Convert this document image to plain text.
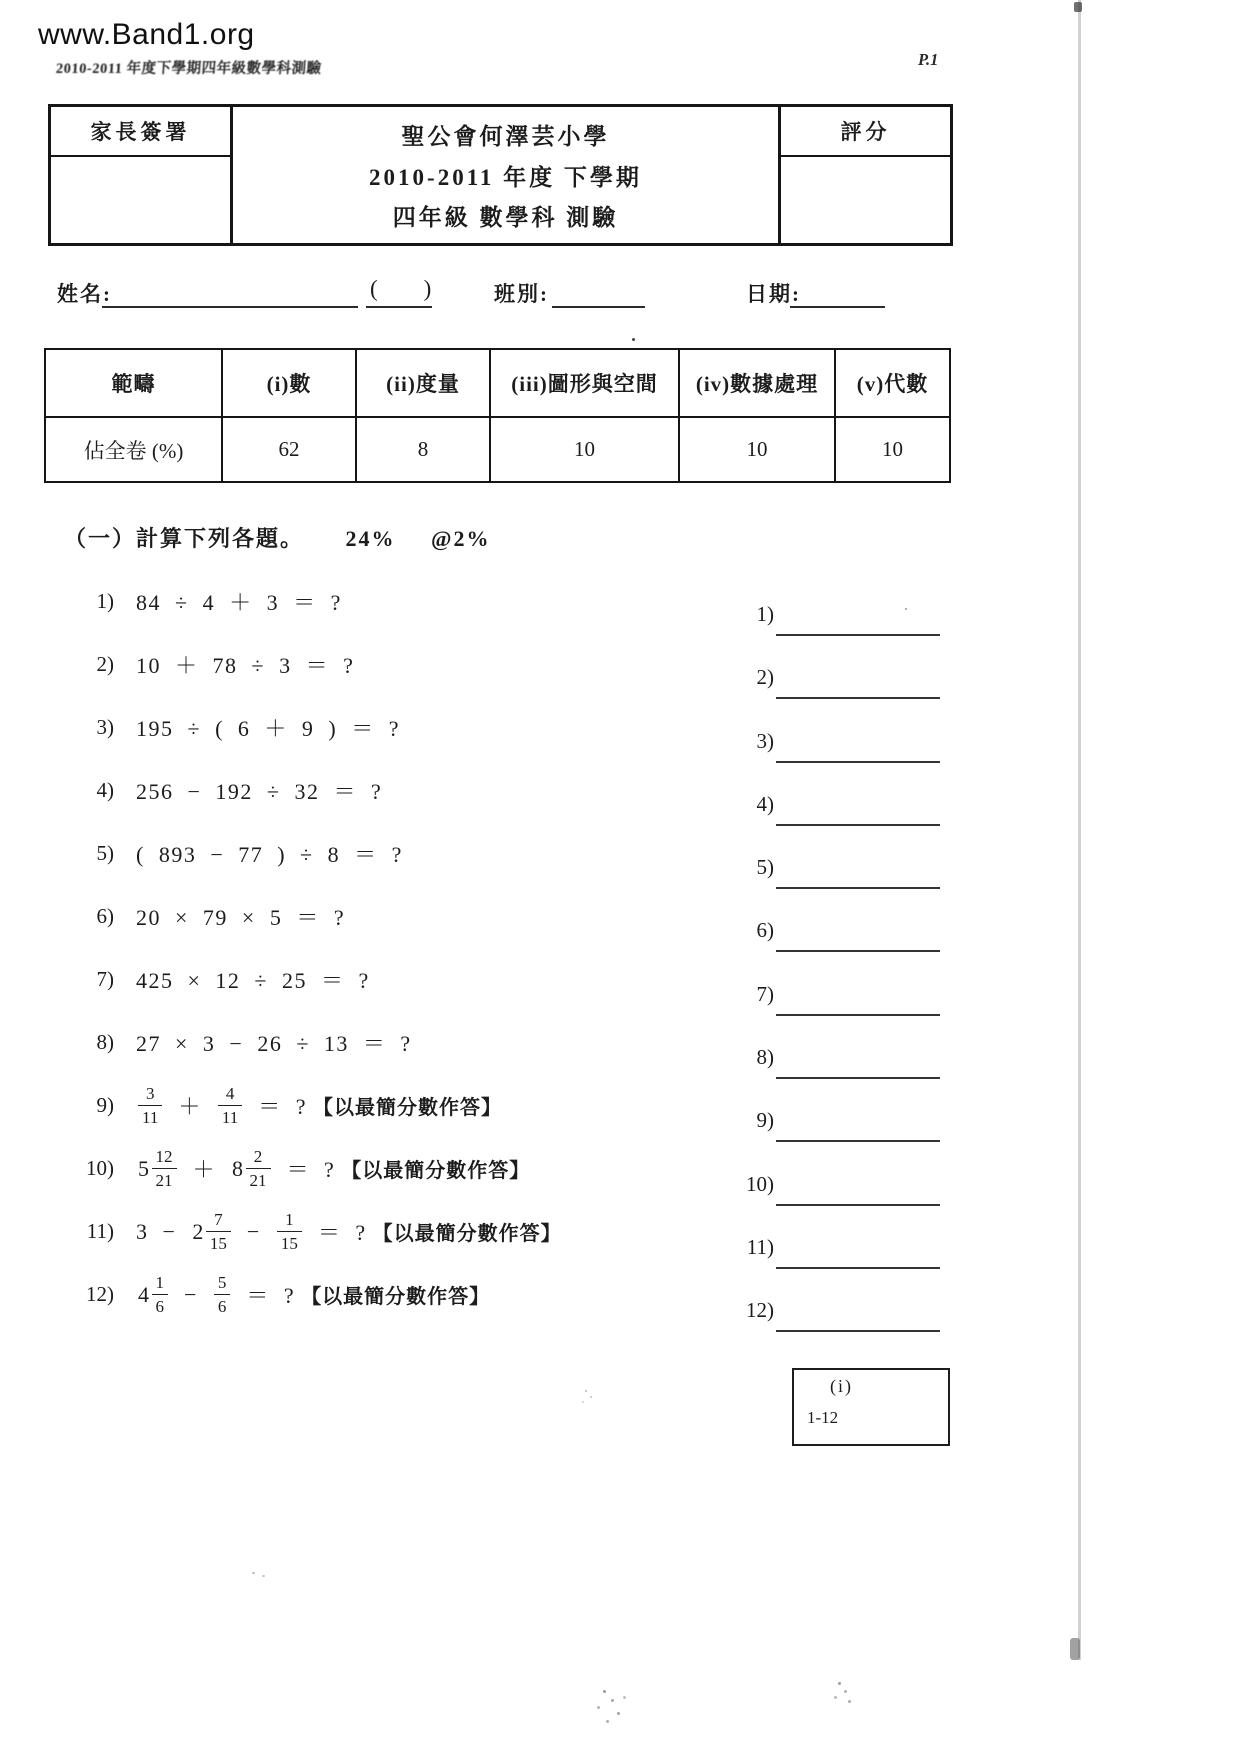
www.Band1.org
2010-2011 年度下學期四年級數學科測驗	P.1
家長簽署	聖公會何澤芸小學
2010-2011 年度 下學期
四年級 數學科 測驗
評分
姓名:	(        )	班別:	日期:
範疇	(i)數	(ii)度量	(iii)圖形與空間	(iv)數據處理	(v)代數
佔全卷 (%)	62	8	10	10	10
（一）計算下列各題。 24% @2%
1) 84 ÷ 4 ＋ 3 ＝ ?
2) 10 ＋ 78 ÷ 3 ＝ ?
3) 195 ÷ ( 6 ＋ 9 ) ＝ ?
4) 256 − 192 ÷ 32 ＝ ?
5) ( 893 − 77 ) ÷ 8 ＝ ?
6) 20 × 79 × 5 ＝ ?
7) 425 × 12 ÷ 25 ＝ ?
8) 27 × 3 − 26 ÷ 13 ＝ ?
$9) \frac{3}{11} + \frac{4}{11}$ ＝ ? 【以最簡分數作答】
10) $5 \frac{12}{21} + 8 \frac{2}{21}$ ＝ ? 【以最簡分數作答】
11) $3 - 2 \frac{7}{15} - \frac{1}{15}$ ＝ ? 【以最簡分數作答】
12) $4 \frac{1}{6} - \frac{5}{6}$ ＝ ? 【以最簡分數作答】
1)
2)
3)
4)
5)
6)
7)
8)
9)
10)
11)
12)
(i)
1-12
